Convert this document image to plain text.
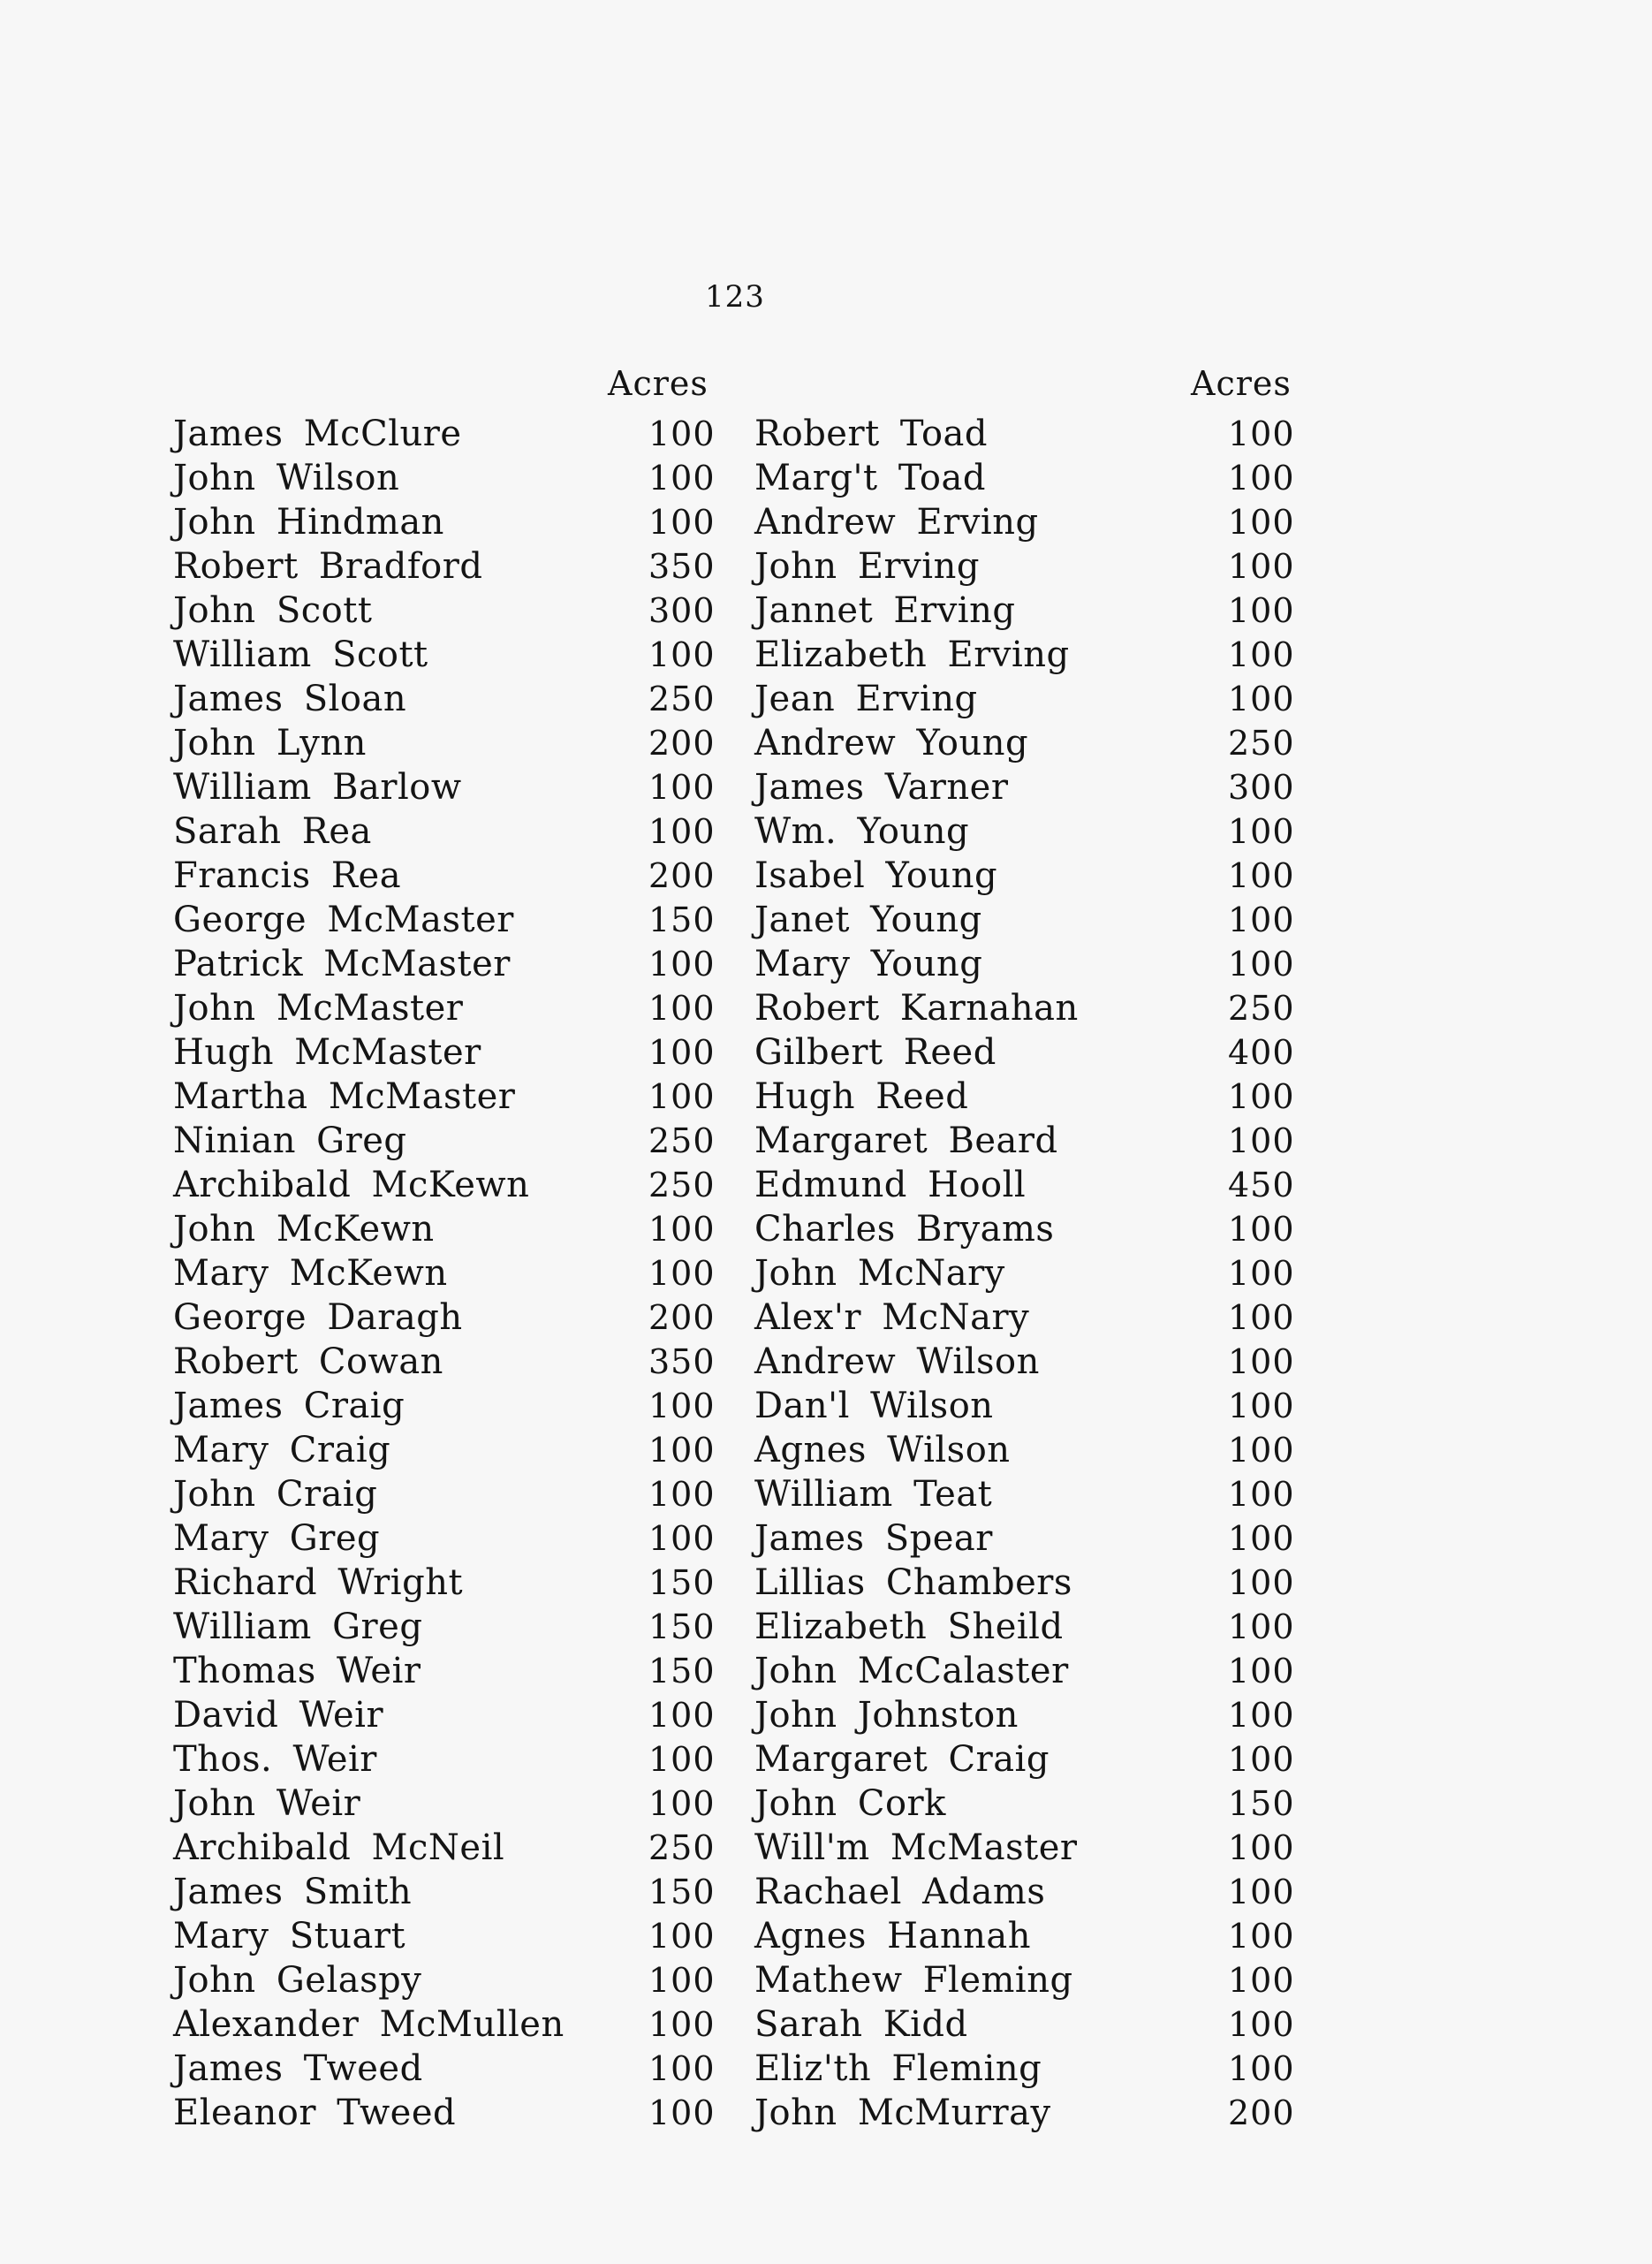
123
Acres	Acres
James McClure	100
John Wilson	100
John Hindman	100
Robert Bradford	350
John Scott	300
William Scott	100
James Sloan	250
John Lynn	200
William Barlow	100
Sarah Rea	100
Francis Rea	200
George McMaster	150
Patrick McMaster	100
John McMaster	100
Hugh McMaster	100
Martha McMaster	100
Ninian Greg	250
Archibald McKewn	250
John McKewn	100
Mary McKewn	100
George Daragh	200
Robert Cowan	350
James Craig	100
Mary Craig	100
John Craig	100
Mary Greg	100
Richard Wright	150
William Greg	150
Thomas Weir	150
David Weir	100
Thos. Weir	100
John Weir	100
Archibald McNeil	250
James Smith	150
Mary Stuart	100
John Gelaspy	100
Alexander McMullen	100
James Tweed	100
Eleanor Tweed	100
Robert Toad	100
Marg't Toad	100
Andrew Erving	100
John Erving	100
Jannet Erving	100
Elizabeth Erving	100
Jean Erving	100
Andrew Young	250
James Varner	300
Wm. Young	100
Isabel Young	100
Janet Young	100
Mary Young	100
Robert Karnahan	250
Gilbert Reed	400
Hugh Reed	100
Margaret Beard	100
Edmund Hooll	450
Charles Bryams	100
John McNary	100
Alex'r McNary	100
Andrew Wilson	100
Dan'l Wilson	100
Agnes Wilson	100
William Teat	100
James Spear	100
Lillias Chambers	100
Elizabeth Sheild	100
John McCalaster	100
John Johnston	100
Margaret Craig	100
John Cork	150
Will'm McMaster	100
Rachael Adams	100
Agnes Hannah	100
Mathew Fleming	100
Sarah Kidd	100
Eliz'th Fleming	100
John McMurray	200
